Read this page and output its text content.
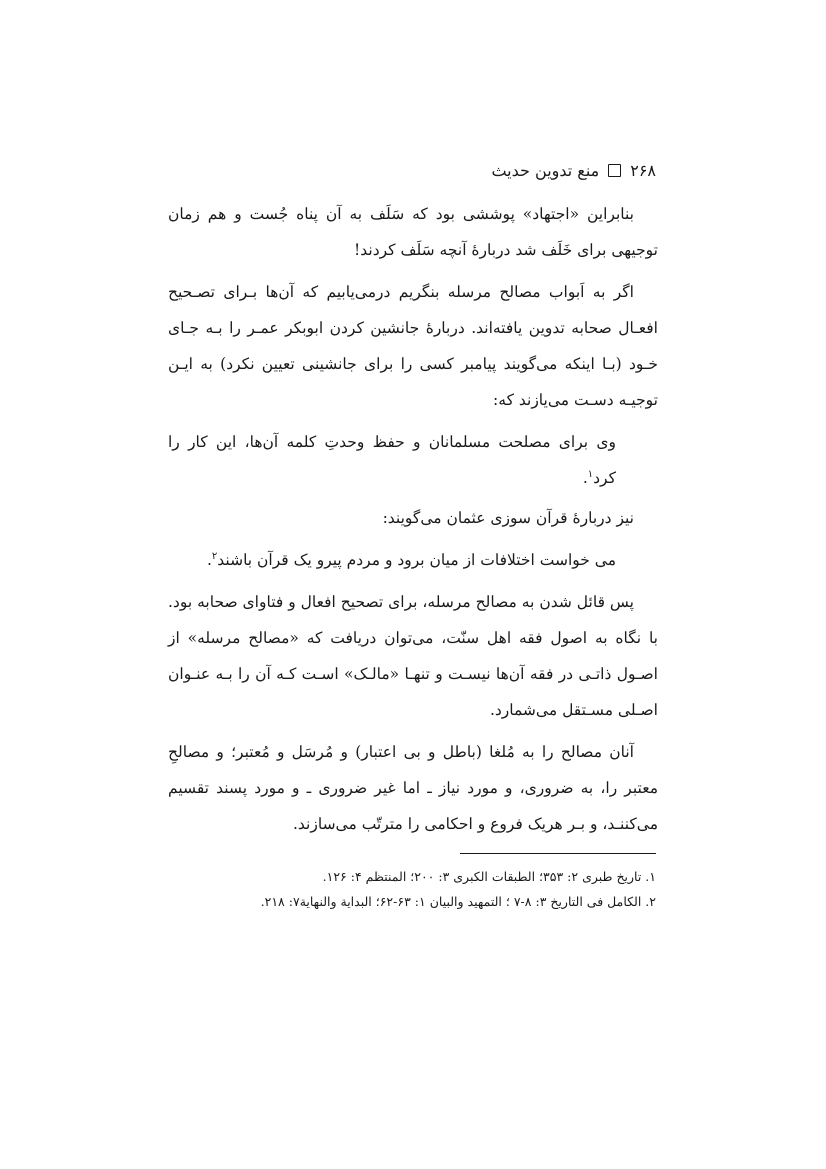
۲۶۸
منع تدوین حدیث

بنابراین «اجتهاد» پوششی بود که سَلَف به آن پناه جُست و هم زمان توجیهی برای خَلَف شد دربارهٔ آنچه سَلَف کردند!

اگر به اَبواب مصالح مرسله بنگریم درمی‌یابیم که آن‌ها بـرای تصـحیح افعـال صحابه تدوین یافته‌اند. دربارهٔ جانشین کردن ابوبکر عمـر را بـه جـای خـود (بـا اینکه می‌گویند پیامبر کسی را برای جانشینی تعیین نکرد) به ایـن توجیـه دسـت می‌یازند که:

وی برای مصلحت مسلمانان و حفظ وحدتِ کلمه آن‌ها، این کار را کرد$^۱$.

نیز دربارهٔ قرآن سوزی عثمان می‌گویند:

می خواست اختلافات از میان برود و مردم پیرو یک قرآن باشند$^۲$.

پس قائل شدن به مصالح مرسله، برای تصحیح افعال و فتاوای صحابه بود. با نگاه به اصول فقه اهل سنّت، می‌توان دریافت که «مصالح مرسله» از اصـول ذاتـی در فقه آن‌ها نیسـت و تنهـا «مالـک» اسـت کـه آن را بـه عنـوان اصـلی مسـتقل می‌شمارد.

آنان مصالح را به مُلغا (باطل و بی اعتبار) و مُرسَل و مُعتبر؛ و مصالحِ معتبر را، به ضروری، و مورد نیاز ـ اما غیر ضروری ـ و مورد پسند تقسیم می‌کننـد، و بـر هریک فروع و احکامی را مترتّب می‌سازند.

۱. تاریخ طبری ۲: ۳۵۳؛ الطبقات الکبری ۳: ۲۰۰؛ المنتظم ۴: ۱۲۶.
۲. الکامل فی التاریخ ۳: ۸-۷ ؛ التمهید والبیان ۱: ۶۳-۶۲؛ البدایة والنهایة۷: ۲۱۸.
